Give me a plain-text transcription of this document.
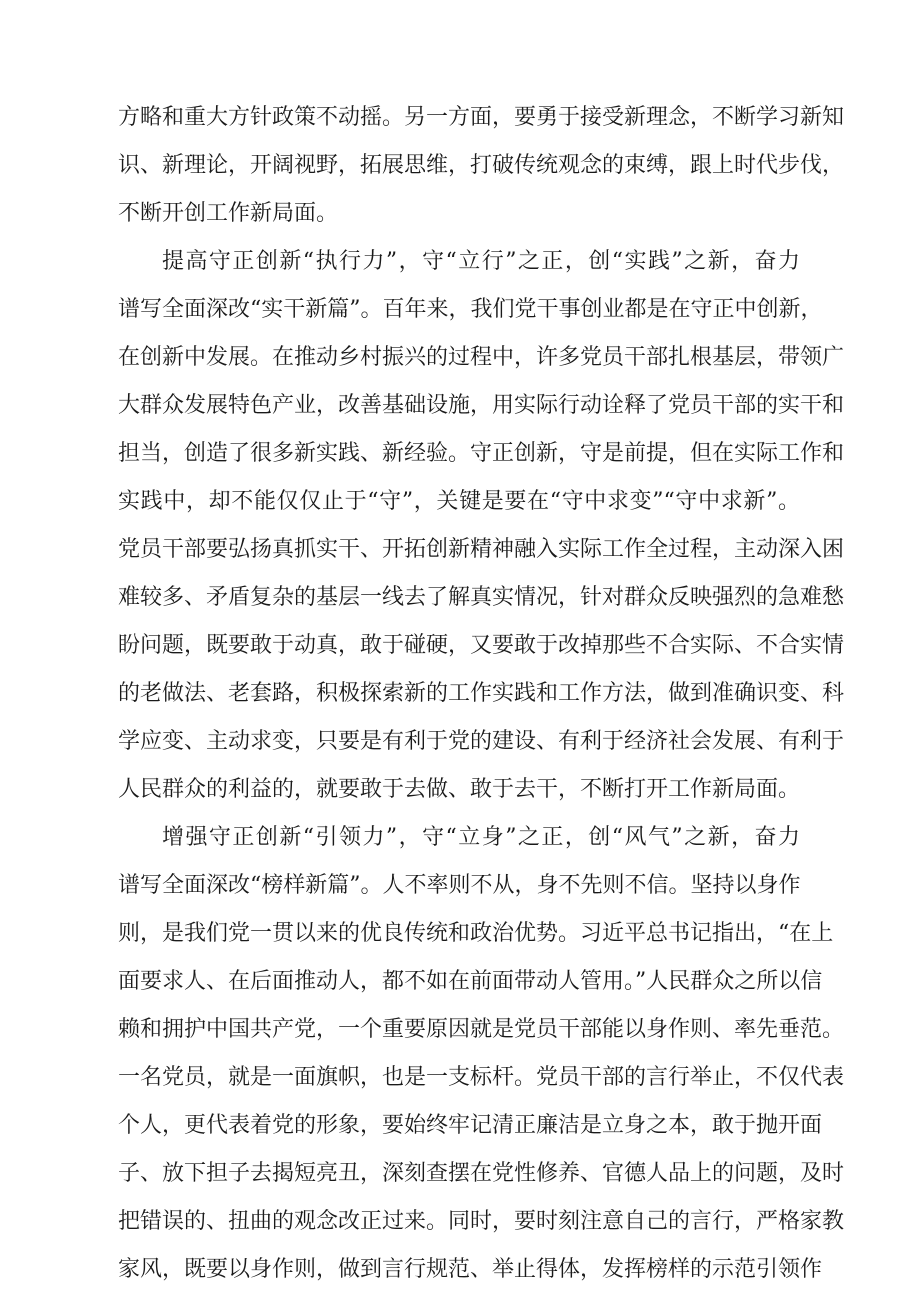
方略和重大方针政策不动摇。另一方面，要勇于接受新理念，不断学习新知
识、新理论，开阔视野，拓展思维，打破传统观念的束缚，跟上时代步伐，
不断开创工作新局面。
提高守正创新“执行力”，守“立行”之正，创“实践”之新，奋力
谱写全面深改“实干新篇”。百年来，我们党干事创业都是在守正中创新，
在创新中发展。在推动乡村振兴的过程中，许多党员干部扎根基层，带领广
大群众发展特色产业，改善基础设施，用实际行动诠释了党员干部的实干和
担当，创造了很多新实践、新经验。守正创新，守是前提，但在实际工作和
实践中，却不能仅仅止于“守”，关键是要在“守中求变”“守中求新”。
党员干部要弘扬真抓实干、开拓创新精神融入实际工作全过程，主动深入困
难较多、矛盾复杂的基层一线去了解真实情况，针对群众反映强烈的急难愁
盼问题，既要敢于动真，敢于碰硬，又要敢于改掉那些不合实际、不合实情
的老做法、老套路，积极探索新的工作实践和工作方法，做到准确识变、科
学应变、主动求变，只要是有利于党的建设、有利于经济社会发展、有利于
人民群众的利益的，就要敢于去做、敢于去干，不断打开工作新局面。
增强守正创新“引领力”，守“立身”之正，创“风气”之新，奋力
谱写全面深改“榜样新篇”。人不率则不从，身不先则不信。坚持以身作
则，是我们党一贯以来的优良传统和政治优势。习近平总书记指出，“在上
面要求人、在后面推动人，都不如在前面带动人管用。”人民群众之所以信
赖和拥护中国共产党，一个重要原因就是党员干部能以身作则、率先垂范。
一名党员，就是一面旗帜，也是一支标杆。党员干部的言行举止，不仅代表
个人，更代表着党的形象，要始终牢记清正廉洁是立身之本，敢于抛开面
子、放下担子去揭短亮丑，深刻查摆在党性修养、官德人品上的问题，及时
把错误的、扭曲的观念改正过来。同时，要时刻注意自己的言行，严格家教
家风，既要以身作则，做到言行规范、举止得体，发挥榜样的示范引领作
